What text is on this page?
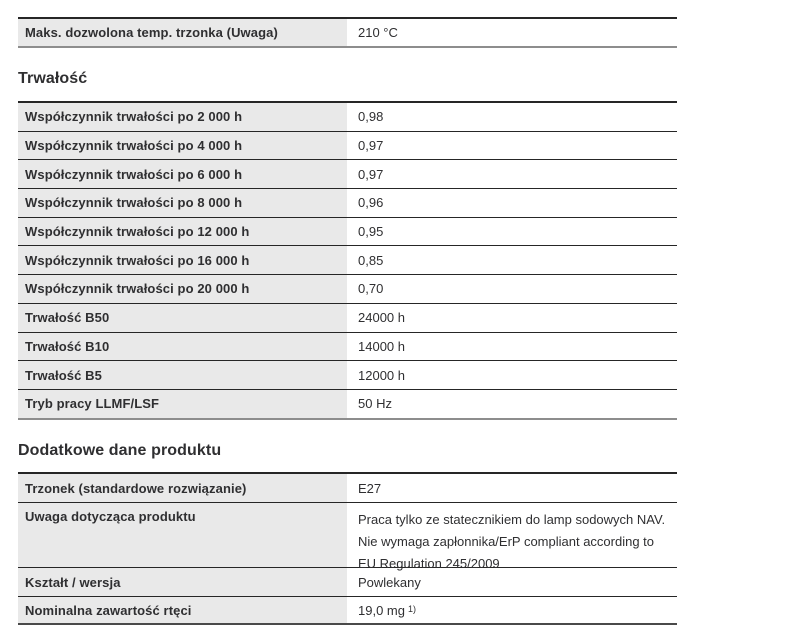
Maks. dozwolona temp. trzonka (Uwaga)	210 °C
Trwałość
Współczynnik trwałości po 2 000 h	0,98
Współczynnik trwałości po 4 000 h	0,97
Współczynnik trwałości po 6 000 h	0,97
Współczynnik trwałości po 8 000 h	0,96
Współczynnik trwałości po 12 000 h	0,95
Współczynnik trwałości po 16 000 h	0,85
Współczynnik trwałości po 20 000 h	0,70
Trwałość B50	24000 h
Trwałość B10	14000 h
Trwałość B5	12000 h
Tryb pracy LLMF/LSF	50 Hz
Dodatkowe dane produktu
Trzonek (standardowe rozwiązanie)	E27
Uwaga dotycząca produktu	Praca tylko ze statecznikiem do lamp sodowych NAV.
Nie wymaga zapłonnika/ErP compliant according to
EU Regulation 245/2009
Kształt / wersja	Powlekany
Nominalna zawartość rtęci	19,0 mg $^{1)}$
